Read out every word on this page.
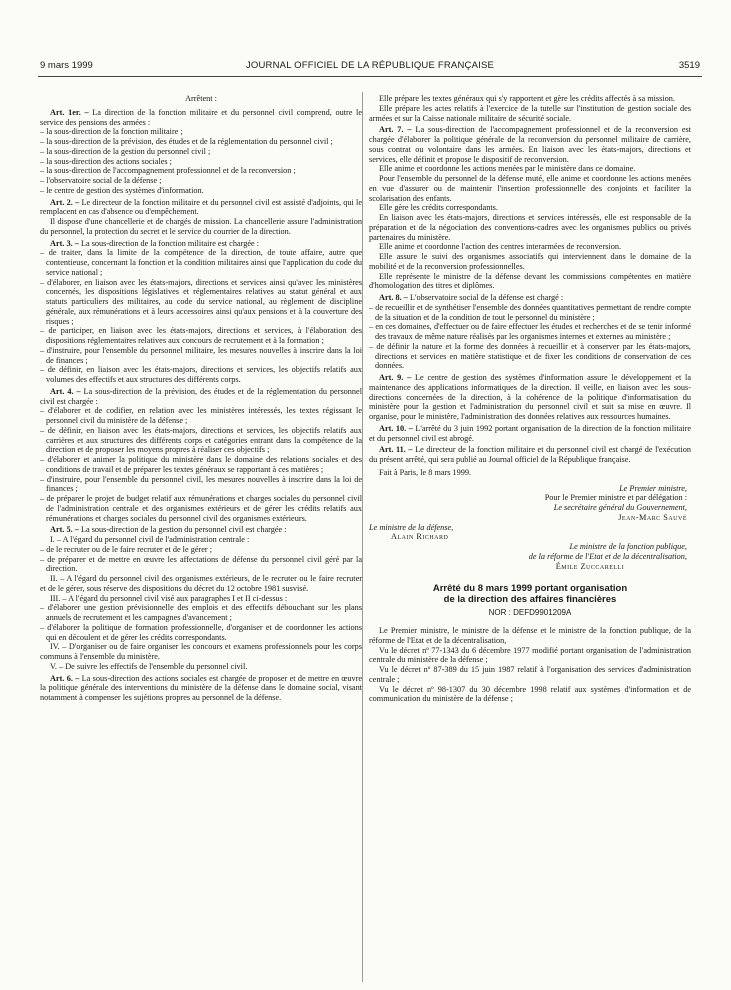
9 mars 1999	JOURNAL OFFICIEL DE LA RÉPUBLIQUE FRANÇAISE	3519

Arrêtent :

Art. 1er. – La direction de la fonction militaire et du personnel civil comprend, outre le service des pensions des armées :

– la sous-direction de la fonction militaire ;

– la sous-direction de la prévision, des études et de la réglementation du personnel civil ;

– la sous-direction de la gestion du personnel civil ;

– la sous-direction des actions sociales ;

– la sous-direction de l'accompagnement professionnel et de la reconversion ;

– l'observatoire social de la défense ;

– le centre de gestion des systèmes d'information.

Art. 2. – Le directeur de la fonction militaire et du personnel civil est assisté d'adjoints, qui le remplacent en cas d'absence ou d'empêchement.

Il dispose d'une chancellerie et de chargés de mission. La chancellerie assure l'administration du personnel, la protection du secret et le service du courrier de la direction.

Art. 3. – La sous-direction de la fonction militaire est chargée :

– de traiter, dans la limite de la compétence de la direction, de toute affaire, autre que contentieuse, concernant la fonction et la condition militaires ainsi que l'application du code du service national ;

– d'élaborer, en liaison avec les états-majors, directions et services ainsi qu'avec les ministères concernés, les dispositions législatives et réglementaires relatives au statut général et aux statuts particuliers des militaires, au code du service national, au règlement de discipline générale, aux rémunérations et à leurs accessoires ainsi qu'aux pensions et à la couverture des risques ;

– de participer, en liaison avec les états-majors, directions et services, à l'élaboration des dispositions réglementaires relatives aux concours de recrutement et à la formation ;

– d'instruire, pour l'ensemble du personnel militaire, les mesures nouvelles à inscrire dans la loi de finances ;

– de définir, en liaison avec les états-majors, directions et services, les objectifs relatifs aux volumes des effectifs et aux structures des différents corps.

Art. 4. – La sous-direction de la prévision, des études et de la réglementation du personnel civil est chargée :

– d'élaborer et de codifier, en relation avec les ministères intéressés, les textes régissant le personnel civil du ministère de la défense ;

– de définir, en liaison avec les états-majors, directions et services, les objectifs relatifs aux carrières et aux structures des différents corps et catégories entrant dans la compétence de la direction et de proposer les moyens propres à réaliser ces objectifs ;

– d'élaborer et animer la politique du ministère dans le domaine des relations sociales et des conditions de travail et de préparer les textes généraux se rapportant à ces matières ;

– d'instruire, pour l'ensemble du personnel civil, les mesures nouvelles à inscrire dans la loi de finances ;

– de préparer le projet de budget relatif aux rémunérations et charges sociales du personnel civil de l'administration centrale et des organismes extérieurs et de gérer les crédits relatifs aux rémunérations et charges sociales du personnel civil des organismes extérieurs.

Art. 5. – La sous-direction de la gestion du personnel civil est chargée :

I. – A l'égard du personnel civil de l'administration centrale :

– de le recruter ou de le faire recruter et de le gérer ;

– de préparer et de mettre en œuvre les affectations de défense du personnel civil géré par la direction.

II. – A l'égard du personnel civil des organismes extérieurs, de le recruter ou le faire recruter et de le gérer, sous réserve des dispositions du décret du 12 octobre 1981 susvisé.

III. – A l'égard du personnel civil visé aux paragraphes I et II ci-dessus :

– d'élaborer une gestion prévisionnelle des emplois et des effectifs débouchant sur les plans annuels de recrutement et les campagnes d'avancement ;

– d'élaborer la politique de formation professionnelle, d'organiser et de coordonner les actions qui en découlent et de gérer les crédits correspondants.

IV. – D'organiser ou de faire organiser les concours et examens professionnels pour les corps communs à l'ensemble du ministère.

V. – De suivre les effectifs de l'ensemble du personnel civil.

Art. 6. – La sous-direction des actions sociales est chargée de proposer et de mettre en œuvre la politique générale des interventions du ministère de la défense dans le domaine social, visant notamment à compenser les sujétions propres au personnel de la défense.

Elle prépare les textes généraux qui s'y rapportent et gère les crédits affectés à sa mission.

Elle prépare les actes relatifs à l'exercice de la tutelle sur l'institution de gestion sociale des armées et sur la Caisse nationale militaire de sécurité sociale.

Art. 7. – La sous-direction de l'accompagnement professionnel et de la reconversion est chargée d'élaborer la politique générale de la reconversion du personnel militaire de carrière, sous contrat ou volontaire dans les armées. En liaison avec les états-majors, directions et services, elle définit et propose le dispositif de reconversion.

Elle anime et coordonne les actions menées par le ministère dans ce domaine.

Pour l'ensemble du personnel de la défense muté, elle anime et coordonne les actions menées en vue d'assurer ou de maintenir l'insertion professionnelle des conjoints et faciliter la scolarisation des enfants.

Elle gère les crédits correspondants.

En liaison avec les états-majors, directions et services intéressés, elle est responsable de la préparation et de la négociation des conventions-cadres avec les organismes publics ou privés partenaires du ministère.

Elle anime et coordonne l'action des centres interarmées de reconversion.

Elle assure le suivi des organismes associatifs qui interviennent dans le domaine de la mobilité et de la reconversion professionnelles.

Elle représente le ministre de la défense devant les commissions compétentes en matière d'homologation des titres et diplômes.

Art. 8. – L'observatoire social de la défense est chargé :

– de recueillir et de synthétiser l'ensemble des données quantitatives permettant de rendre compte de la situation et de la condition de tout le personnel du ministère ;

– en ces domaines, d'effectuer ou de faire effectuer les études et recherches et de se tenir informé des travaux de même nature réalisés par les organismes internes et externes au ministère ;

– de définir la nature et la forme des données à recueillir et à conserver par les états-majors, directions et services en matière statistique et de fixer les conditions de conservation de ces données.

Art. 9. – Le centre de gestion des systèmes d'information assure le développement et la maintenance des applications informatiques de la direction. Il veille, en liaison avec les sous-directions concernées de la direction, à la cohérence de la politique d'informatisation du ministère pour la gestion et l'administration du personnel civil et suit sa mise en œuvre. Il organise, pour le ministère, l'administration des données relatives aux ressources humaines.

Art. 10. – L'arrêté du 3 juin 1992 portant organisation de la direction de la fonction militaire et du personnel civil est abrogé.

Art. 11. – Le directeur de la fonction militaire et du personnel civil est chargé de l'exécution du présent arrêté, qui sera publié au Journal officiel de la République française.

Fait à Paris, le 8 mars 1999.

Le Premier ministre,

Pour le Premier ministre et par délégation :

Le secrétaire général du Gouvernement,

Jean-Marc Sauvé

Le ministre de la défense,

Alain Richard

Le ministre de la fonction publique,

de la réforme de l'Etat et de la décentralisation,

Émile Zuccarelli

Arrêté du 8 mars 1999 portant organisation

de la direction des affaires financières

NOR : DEFD9901209A

Le Premier ministre, le ministre de la défense et le ministre de la fonction publique, de la réforme de l'Etat et de la décentralisation,

Vu le décret nº 77-1343 du 6 décembre 1977 modifié portant organisation de l'administration centrale du ministère de la défense ;

Vu le décret nº 87-389 du 15 juin 1987 relatif à l'organisation des services d'administration centrale ;

Vu le décret nº 98-1307 du 30 décembre 1998 relatif aux systèmes d'information et de communication du ministère de la défense ;
